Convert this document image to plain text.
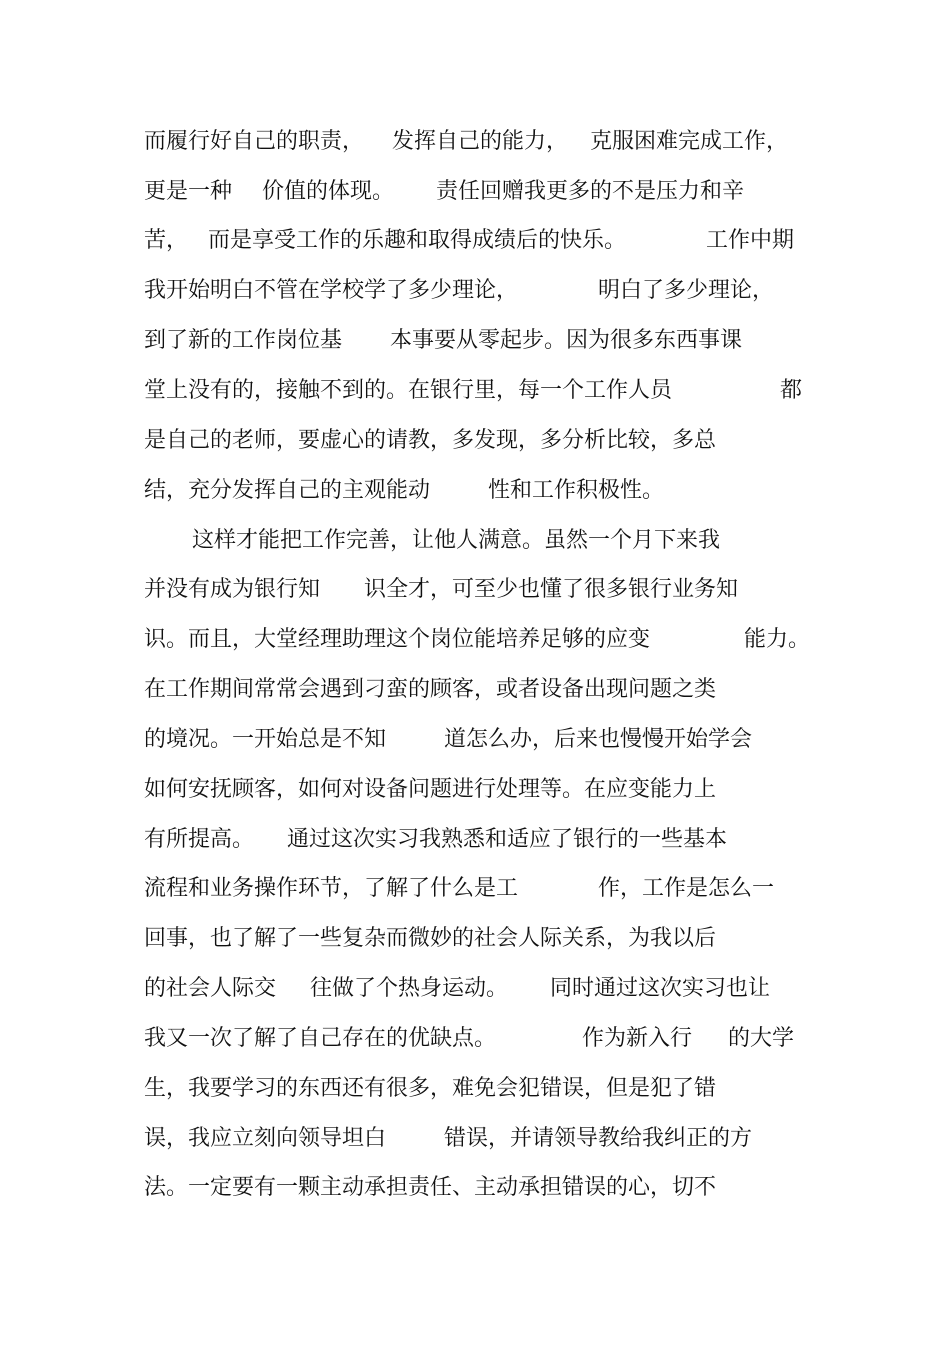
而履行好自己的职责，

发挥自己的能力，

克服困难完成工作，

更是一种

价值的体现。

责任回赠我更多的不是压力和辛

苦，

而是享受工作的乐趣和取得成绩后的快乐。

	工作中期

我开始明白不管在学校学了多少理论，

	明白了多少理论，

到了新的工作岗位基

本事要从零起步。因为很多东西事课

堂上没有的，接触不到的。在银行里，每一个工作人员

	都

是自己的老师，要虚心的请教，多发现，多分析比较，多总

结，充分发挥自己的主观能动

	性和工作积极性。

这样才能把工作完善，让他人满意。虽然一个月下来我

并没有成为银行知

识全才，可至少也懂了很多银行业务知

识。而且，大堂经理助理这个岗位能培养足够的应变

	能力。

在工作期间常常会遇到刁蛮的顾客，或者设备出现问题之类

的境况。一开始总是不知

	道怎么办，后来也慢慢开始学会

如何安抚顾客，如何对设备问题进行处理等。在应变能力上

有所提高。

通过这次实习我熟悉和适应了银行的一些基本

流程和业务操作环节，了解了什么是工

	作，工作是怎么一

回事，也了解了一些复杂而微妙的社会人际关系，为我以后

的社会人际交

往做了个热身运动。

同时通过这次实习也让

我又一次了解了自己存在的优缺点。

	作为新入行

的大学

生，我要学习的东西还有很多，难免会犯错误，但是犯了错

误，我应立刻向领导坦白

	错误，并请领导教给我纠正的方

法。一定要有一颗主动承担责任、主动承担错误的心，切不
